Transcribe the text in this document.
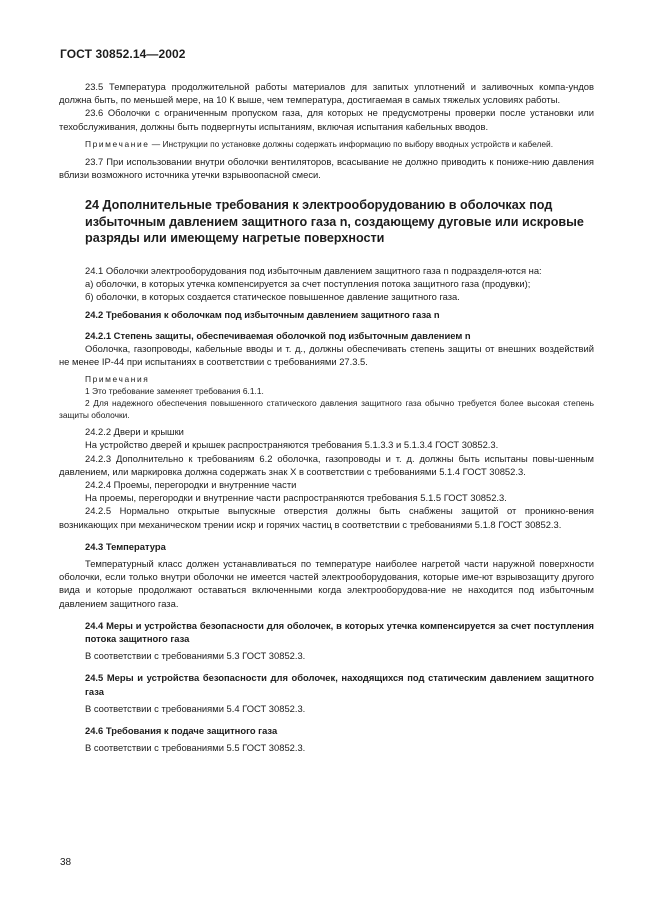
ГОСТ 30852.14—2002

23.5 Температура продолжительной работы материалов для запитых уплотнений и заливочных компа-ундов должна быть, по меньшей мере, на 10 К выше, чем температура, достигаемая в самых тяжелых условиях работы.

23.6 Оболочки с ограниченным пропуском газа, для которых не предусмотрены проверки после установки или техобслуживания, должны быть подвергнуты испытаниям, включая испытания кабельных вводов.

Примечание — Инструкции по установке должны содержать информацию по выбору вводных устройств и кабелей.

23.7 При использовании внутри оболочки вентиляторов, всасывание не должно приводить к пониже-нию давления вблизи возможного источника утечки взрывоопасной смеси.

24 Дополнительные требования к электрооборудованию в оболочках под избыточным давлением защитного газа n, создающему дуговые или искровые разряды или имеющему нагретые поверхности

24.1 Оболочки электрооборудования под избыточным давлением защитного газа n подразделя-ются на:

а) оболочки, в которых утечка компенсируется за счет поступления потока защитного газа (продувки);

б) оболочки, в которых создается статическое повышенное давление защитного газа.

24.2 Требования к оболочкам под избыточным давлением защитного газа n

24.2.1 Степень защиты, обеспечиваемая оболочкой под избыточным давлением n

Оболочка, газопроводы, кабельные вводы и т. д., должны обеспечивать степень защиты от внешних воздействий не менее IP-44 при испытаниях в соответствии с требованиями 27.3.5.

Примечания

1 Это требование заменяет требования 6.1.1.

2 Для надежного обеспечения повышенного статического давления защитного газа обычно требуется более высокая степень защиты оболочки.

24.2.2 Двери и крышки

На устройство дверей и крышек распространяются требования 5.1.3.3 и 5.1.3.4 ГОСТ 30852.3.

24.2.3 Дополнительно к требованиям 6.2 оболочка, газопроводы и т. д. должны быть испытаны повы-шенным давлением, или маркировка должна содержать знак X в соответствии с требованиями 5.1.4 ГОСТ 30852.3.

24.2.4 Проемы, перегородки и внутренние части

На проемы, перегородки и внутренние части распространяются требования 5.1.5 ГОСТ 30852.3.

24.2.5 Нормально открытые выпускные отверстия должны быть снабжены защитой от проникно-вения возникающих при механическом трении искр и горячих частиц в соответствии с требованиями 5.1.8 ГОСТ 30852.3.

24.3 Температура

Температурный класс должен устанавливаться по температуре наиболее нагретой части наружной поверхности оболочки, если только внутри оболочки не имеется частей электрооборудования, которые име-ют взрывозащиту другого вида и которые продолжают оставаться включенными когда электрооборудова-ние не находится под избыточным давлением защитного газа.

24.4 Меры и устройства безопасности для оболочек, в которых утечка компенсируется за счет поступления потока защитного газа

В соответствии с требованиями 5.3 ГОСТ 30852.3.

24.5 Меры и устройства безопасности для оболочек, находящихся под статическим давлением защитного газа

В соответствии с требованиями 5.4 ГОСТ 30852.3.

24.6 Требования к подаче защитного газа

В соответствии с требованиями 5.5 ГОСТ 30852.3.

38
